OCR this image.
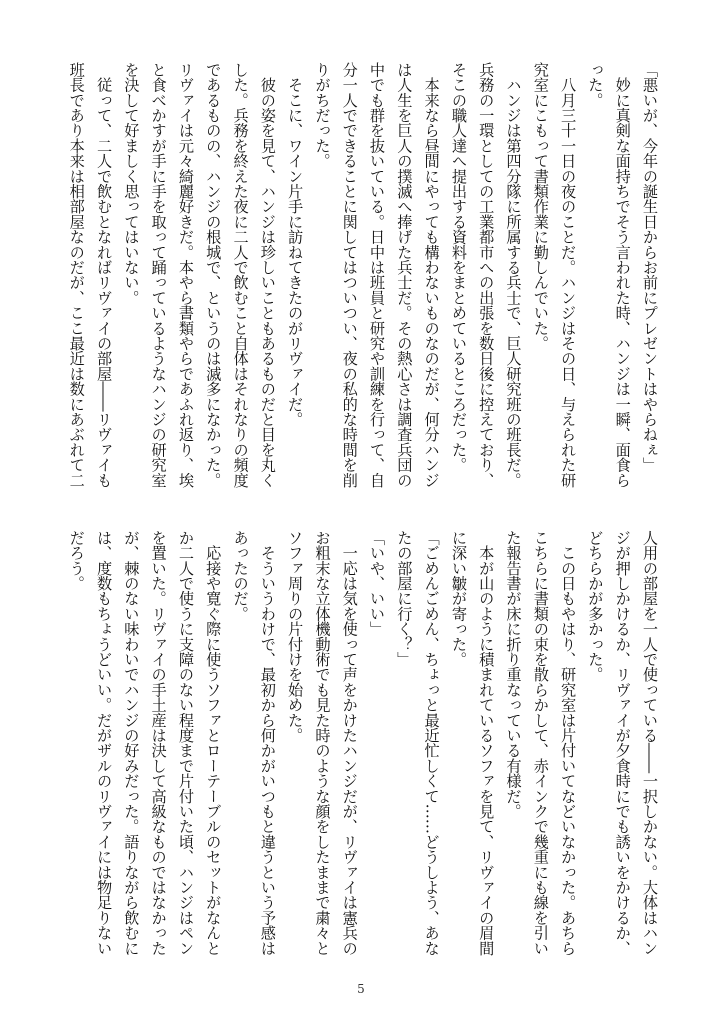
「悪いが、今年の誕生日からお前にプレゼントはやらねぇ」
　妙に真剣な面持ちでそう言われた時、ハンジは一瞬、面食ら
った。
　八月三十一日の夜のことだ。ハンジはその日、与えられた研
究室にこもって書類作業に勤しんでいた。
　ハンジは第四分隊に所属する兵士で、巨人研究班の班長だ。
兵務の一環としての工業都市への出張を数日後に控えており、
そこの職人達へ提出する資料をまとめているところだった。
　本来なら昼間にやっても構わないものなのだが、何分ハンジ
は人生を巨人の撲滅へ捧げた兵士だ。その熱心さは調査兵団の
中でも群を抜いている。日中は班員と研究や訓練を行って、自
分一人でできることに関してはついつい、夜の私的な時間を削
りがちだった。
　そこに、ワイン片手に訪ねてきたのがリヴァイだ。
　彼の姿を見て、ハンジは珍しいこともあるものだと目を丸く
した。兵務を終えた夜に二人で飲むこと自体はそれなりの頻度
であるものの、ハンジの根城で、というのは滅多になかった。
リヴァイは元々綺麗好きだ。本やら書類やらであふれ返り、埃
と食べかすが手に手を取って踊っているようなハンジの研究室
を決して好ましく思ってはいない。
　従って、二人で飲むとなればリヴァイの部屋――リヴァイも
班長であり本来は相部屋なのだが、ここ最近は数にあぶれて二
人用の部屋を一人で使っている――一択しかない。大体はハン
ジが押しかけるか、リヴァイが夕食時にでも誘いをかけるか、
どちらかが多かった。
　この日もやはり、研究室は片付いてなどいなかった。あちら
こちらに書類の束を散らかして、赤インクで幾重にも線を引い
た報告書が床に折り重なっている有様だ。
　本が山のように積まれているソファを見て、リヴァイの眉間
に深い皺が寄った。
「ごめんごめん、ちょっと最近忙しくて……どうしよう、あな
たの部屋に行く？」
「いや、いい」
　一応は気を使って声をかけたハンジだが、リヴァイは憲兵の
お粗末な立体機動術でも見た時のような顔をしたままで粛々と
ソファ周りの片付けを始めた。
　そういうわけで、最初から何かがいつもと違うという予感は
あったのだ。
　応接や寛ぐ際に使うソファとローテーブルのセットがなんと
か二人で使うに支障のない程度まで片付いた頃、ハンジはペン
を置いた。リヴァイの手土産は決して高級なものではなかった
が、棘のない味わいでハンジの好みだった。語りながら飲むに
は、度数もちょうどいい。だがザルのリヴァイには物足りない
だろう。
5
